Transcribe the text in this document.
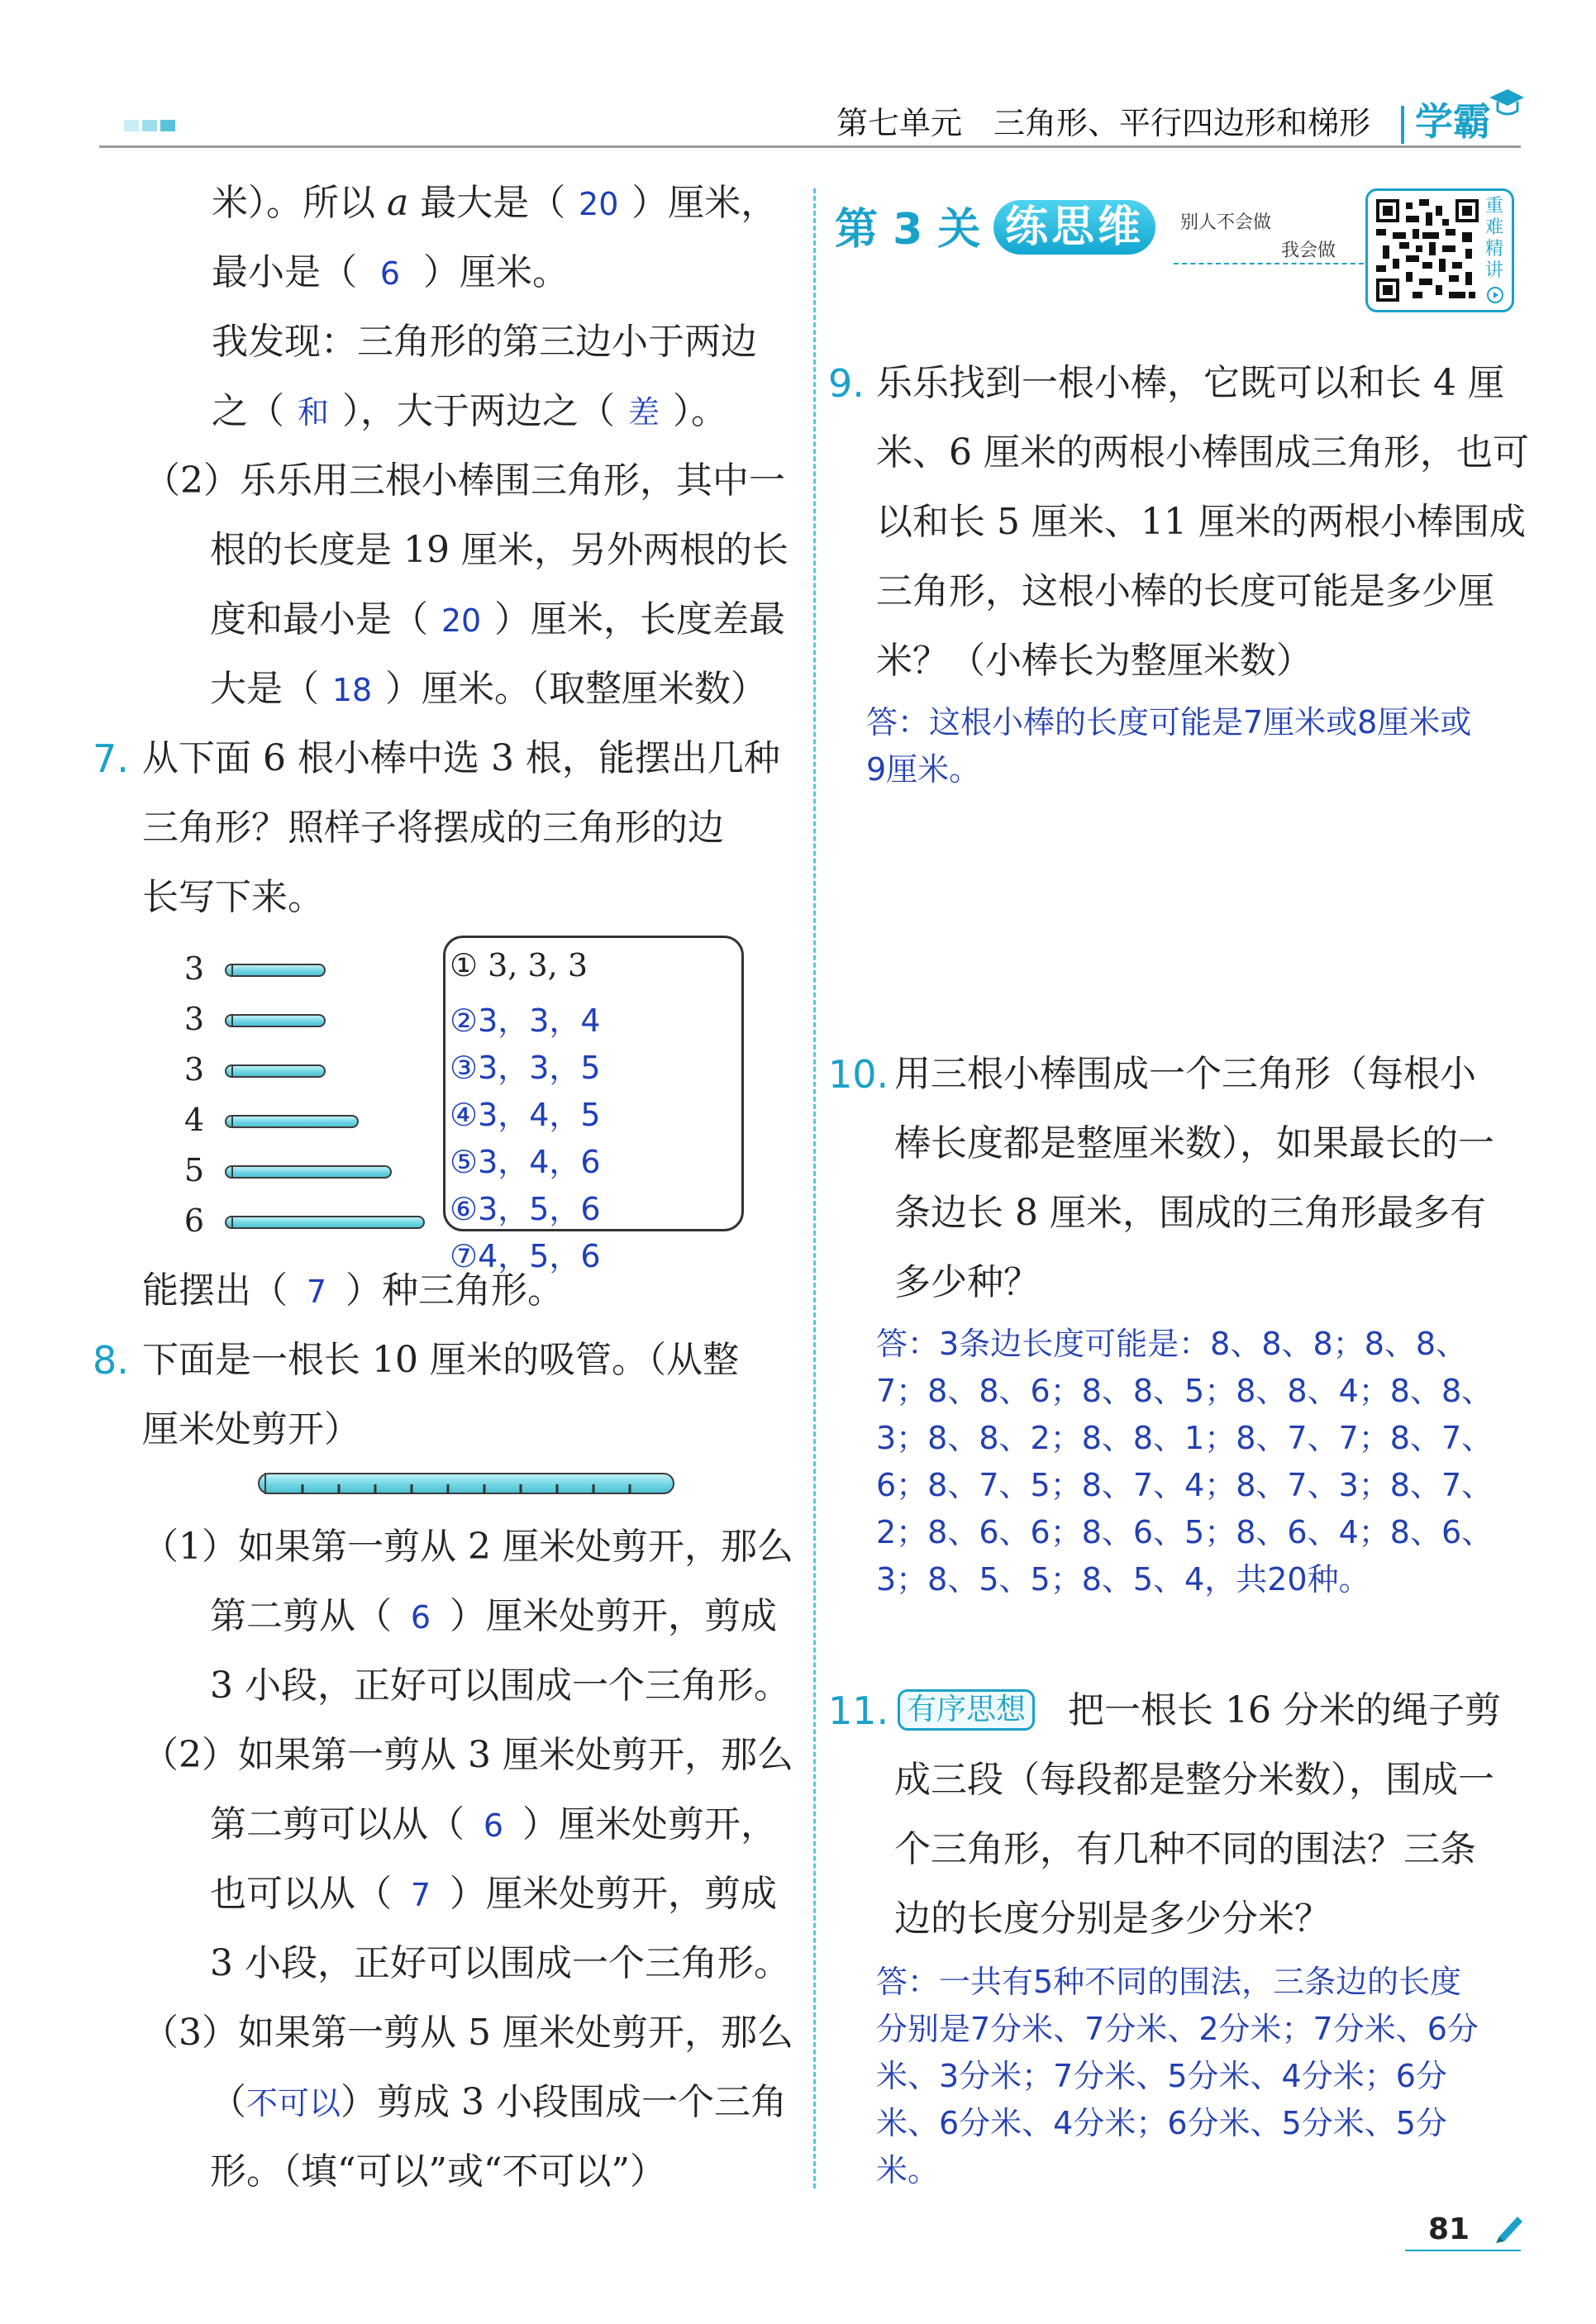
第七单元　三角形、平行四边形和梯形 学霸
米）。所以 a 最大是（ 20 ）厘米，
最小是（ 6 ）厘米。
我发现：三角形的第三边小于两边
之（ 和 ），大于两边之（ 差 ）。
（2）乐乐用三根小棒围三角形，其中一
根的长度是 19 厘米，另外两根的长
度和最小是（ 20 ）厘米，长度差最
大是（ 18 ）厘米。（取整厘米数）
7. 从下面 6 根小棒中选 3 根，能摆出几种
三角形？照样子将摆成的三角形的边
长写下来。
3
3
3
4
5
6
① 3, 3, 3
②3，3，4
③3，3，5
④3，4，5
⑤3，4，6
⑥3，5，6
⑦4，5，6
能摆出（ 7 ）种三角形。
8. 下面是一根长 10 厘米的吸管。（从整
厘米处剪开）
（1）如果第一剪从 2 厘米处剪开，那么
第二剪从（ 6 ）厘米处剪开，剪成
3 小段，正好可以围成一个三角形。
（2）如果第一剪从 3 厘米处剪开，那么
第二剪可以从（ 6 ）厘米处剪开，
也可以从（ 7 ）厘米处剪开，剪成
3 小段，正好可以围成一个三角形。
（3）如果第一剪从 5 厘米处剪开，那么
（不可以）剪成 3 小段围成一个三角
形。（填“可以”或“不可以”）
第 3 关 练思维	别人不会做
我会做
重难精讲
9. 乐乐找到一根小棒，它既可以和长 4 厘
米、6 厘米的两根小棒围成三角形，也可
以和长 5 厘米、11 厘米的两根小棒围成
三角形，这根小棒的长度可能是多少厘
米？（小棒长为整厘米数）
答：这根小棒的长度可能是7厘米或8厘米或
9厘米。
10. 用三根小棒围成一个三角形（每根小
棒长度都是整厘米数），如果最长的一
条边长 8 厘米，围成的三角形最多有
多少种？
答：3条边长度可能是：8、8、8；8、8、
7；8、8、6；8、8、5；8、8、4；8、8、
3；8、8、2；8、8、1；8、7、7；8、7、
6；8、7、5；8、7、4；8、7、3；8、7、
2；8、6、6；8、6、5；8、6、4；8、6、
3；8、5、5；8、5、4，共20种。
11. 有序思想 把一根长 16 分米的绳子剪
成三段（每段都是整分米数），围成一
个三角形，有几种不同的围法？三条
边的长度分别是多少分米？
答：一共有5种不同的围法，三条边的长度
分别是7分米、7分米、2分米；7分米、6分
米、3分米；7分米、5分米、4分米；6分
米、6分米、4分米；6分米、5分米、5分
米。
81
